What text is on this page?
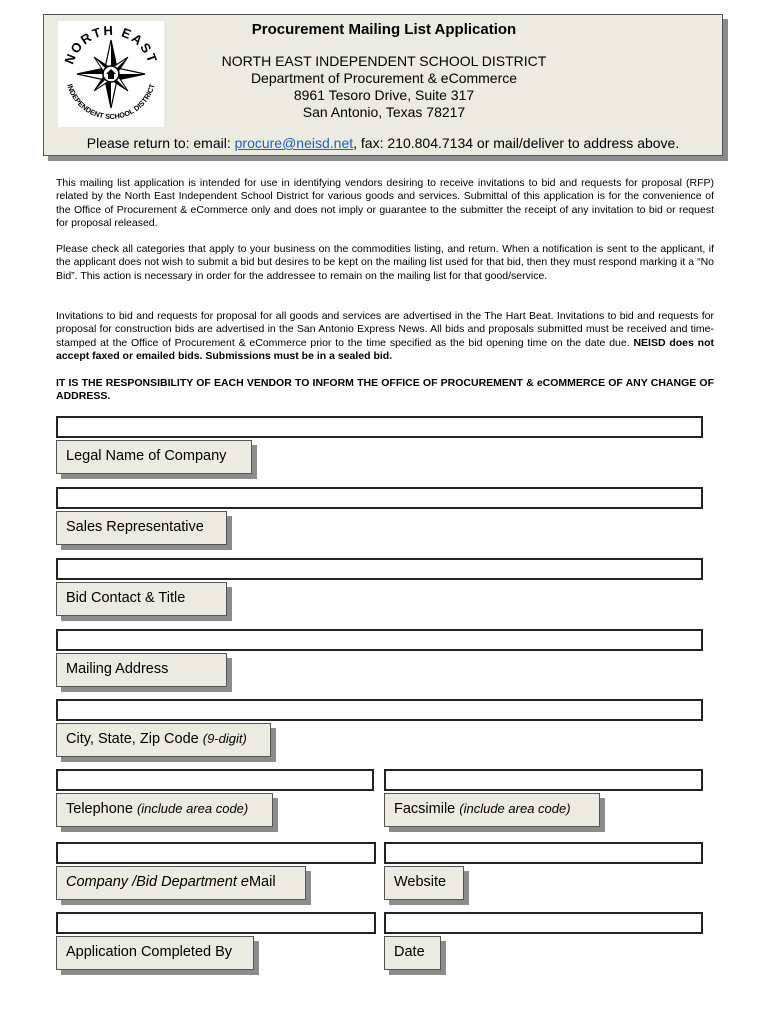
NORTH EAST
INDEPENDENT SCHOOL DISTRICT
Procurement Mailing List Application
NORTH EAST INDEPENDENT SCHOOL DISTRICT
Department of Procurement & eCommerce
8961 Tesoro Drive, Suite 317
San Antonio, Texas 78217
Please return to: email: procure@neisd.net, fax: 210.804.7134 or mail/deliver to address above.
This mailing list application is intended for use in identifying vendors desiring to receive invitations to bid and requests for proposal (RFP) related by the North East Independent School District for various goods and services. Submittal of this application is for the convenience of the Office of Procurement & eCommerce only and does not imply or guarantee to the submitter the receipt of any invitation to bid or request for proposal released.
Please check all categories that apply to your business on the commodities listing, and return. When a notification is sent to the applicant, if the applicant does not wish to submit a bid but desires to be kept on the mailing list used for that bid, then they must respond marking it a “No Bid”. This action is necessary in order for the addressee to remain on the mailing list for that good/service.
Invitations to bid and requests for proposal for all goods and services are advertised in the The Hart Beat. Invitations to bid and requests for proposal for construction bids are advertised in the San Antonio Express News. All bids and proposals submitted must be received and time-stamped at the Office of Procurement & eCommerce prior to the time specified as the bid opening time on the date due. NEISD does not accept faxed or emailed bids. Submissions must be in a sealed bid.
IT IS THE RESPONSIBILITY OF EACH VENDOR TO INFORM THE OFFICE OF PROCUREMENT & eCOMMERCE OF ANY CHANGE OF ADDRESS.
Legal Name of Company
Sales Representative
Bid Contact & Title
Mailing Address
City, State, Zip Code (9-digit)
Telephone (include area code)	Facsimile (include area code)
Company /Bid Department eMail	Website
Application Completed By	Date
